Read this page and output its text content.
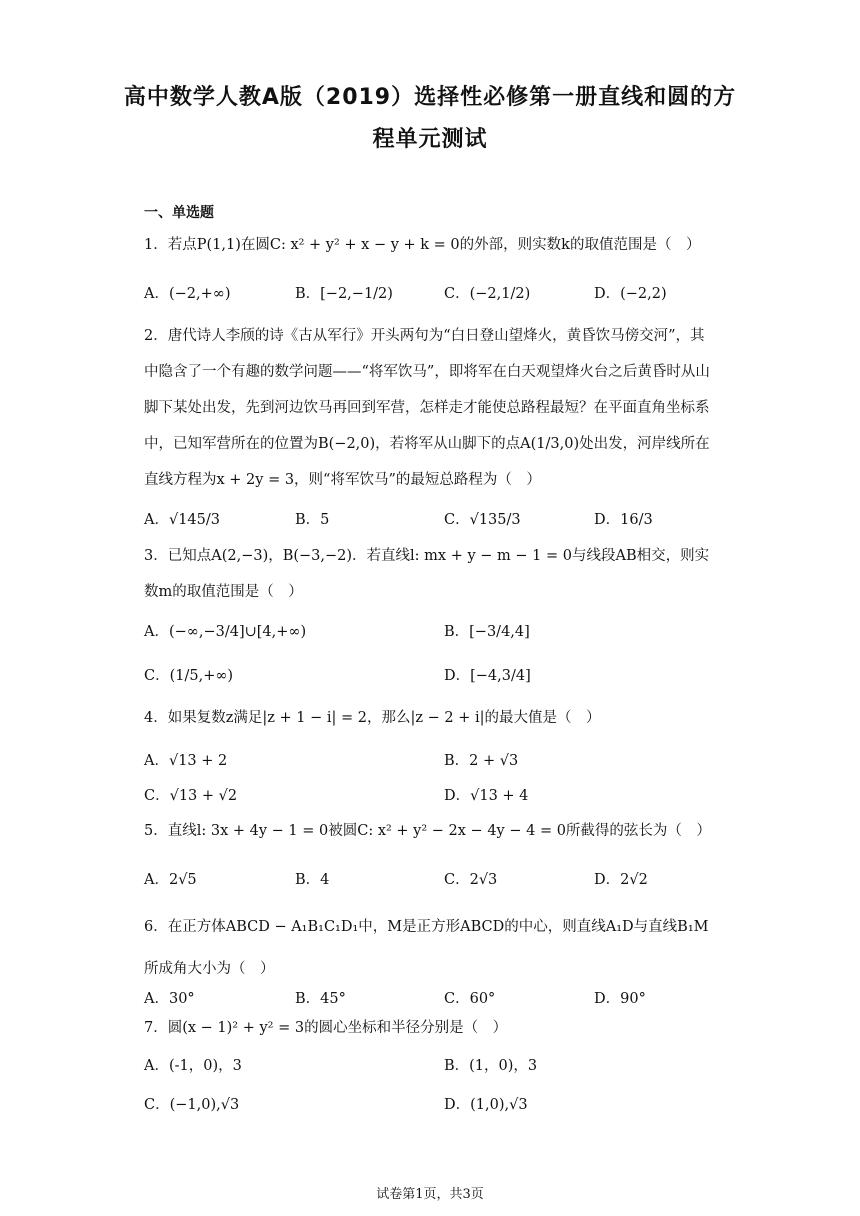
高中数学人教A版（2019）选择性必修第一册直线和圆的方
程单元测试
一、单选题
1．若点P(1,1)在圆C: x² + y² + x − y + k = 0的外部，则实数k的取值范围是（　）
A．(−2,+∞)	B．[−2,−1/2)	C．(−2,1/2)	D．(−2,2)
2．唐代诗人李颀的诗《古从军行》开头两句为“白日登山望烽火，黄昏饮马傍交河”，其中隐含了一个有趣的数学问题——“将军饮马”，即将军在白天观望烽火台之后黄昏时从山脚下某处出发，先到河边饮马再回到军营，怎样走才能使总路程最短？在平面直角坐标系中，已知军营所在的位置为B(−2,0)，若将军从山脚下的点A(1/3,0)处出发，河岸线所在直线方程为x + 2y = 3，则“将军饮马”的最短总路程为（　）
A．√145/3	B．5	C．√135/3	D．16/3
3．已知点A(2,−3)，B(−3,−2)．若直线l: mx + y − m − 1 = 0与线段AB相交，则实数m的取值范围是（　）
A．(−∞,−3/4]∪[4,+∞)	B．[−3/4,4]
C．(1/5,+∞)	D．[−4,3/4]
4．如果复数z满足|z + 1 − i| = 2，那么|z − 2 + i|的最大值是（　）
A．√13 + 2	B．2 + √3
C．√13 + √2	D．√13 + 4
5．直线l: 3x + 4y − 1 = 0被圆C: x² + y² − 2x − 4y − 4 = 0所截得的弦长为（　）
A．2√5	B．4	C．2√3	D．2√2
6．在正方体ABCD − A₁B₁C₁D₁中，M是正方形ABCD的中心，则直线A₁D与直线B₁M所成角大小为（　）
A．30°	B．45°	C．60°	D．90°
7．圆(x − 1)² + y² = 3的圆心坐标和半径分别是（　）
A．(-1，0)，3	B．(1，0)，3
C．(−1,0),√3	D．(1,0),√3
试卷第1页，共3页
